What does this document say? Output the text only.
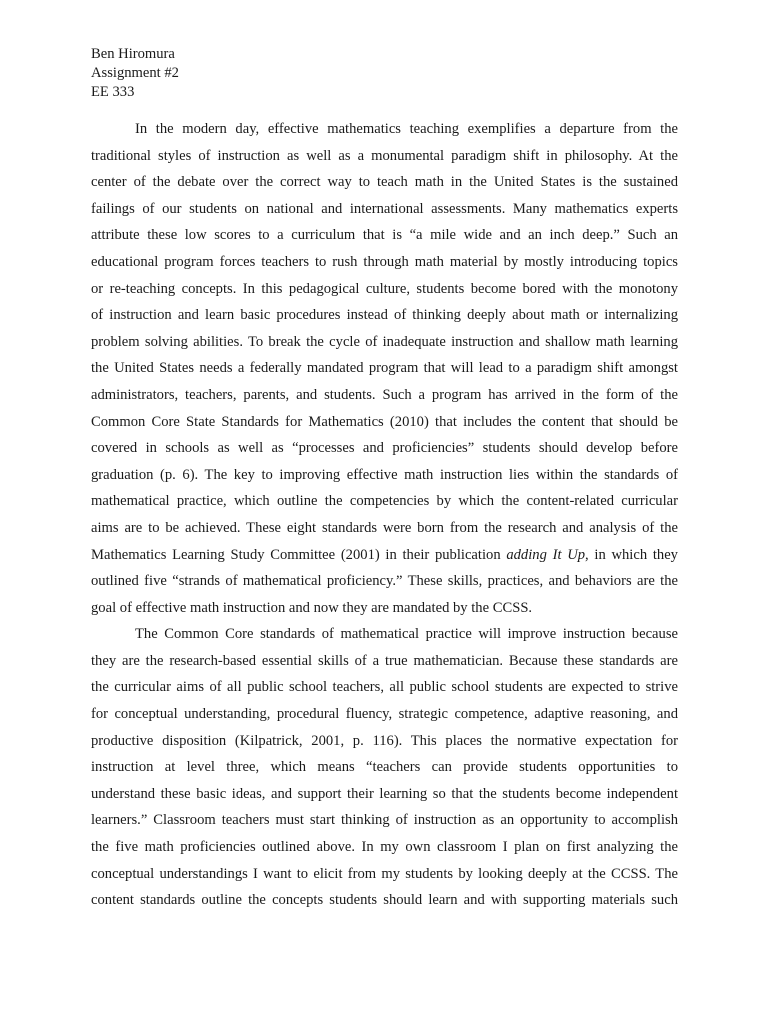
Ben Hiromura
Assignment #2
EE 333
In the modern day, effective mathematics teaching exemplifies a departure from the
traditional styles of instruction as well as a monumental paradigm shift in philosophy. At the
center of the debate over the correct way to teach math in the United States is the sustained
failings of our students on national and international assessments. Many mathematics experts
attribute these low scores to a curriculum that is “a mile wide and an inch deep.” Such an
educational program forces teachers to rush through math material by mostly introducing topics
or re-teaching concepts. In this pedagogical culture, students become bored with the monotony
of instruction and learn basic procedures instead of thinking deeply about math or internalizing
problem solving abilities. To break the cycle of inadequate instruction and shallow math learning
the United States needs a federally mandated program that will lead to a paradigm shift amongst
administrators, teachers, parents, and students. Such a program has arrived in the form of the
Common Core State Standards for Mathematics (2010) that includes the content that should be
covered in schools as well as “processes and proficiencies” students should develop before
graduation (p. 6). The key to improving effective math instruction lies within the standards of
mathematical practice, which outline the competencies by which the content-related curricular
aims are to be achieved. These eight standards were born from the research and analysis of the
Mathematics Learning Study Committee (2001) in their publication adding It Up, in which they
outlined five “strands of mathematical proficiency.” These skills, practices, and behaviors are the
goal of effective math instruction and now they are mandated by the CCSS.
The Common Core standards of mathematical practice will improve instruction because
they are the research-based essential skills of a true mathematician. Because these standards are
the curricular aims of all public school teachers, all public school students are expected to strive
for conceptual understanding, procedural fluency, strategic competence, adaptive reasoning, and
productive disposition (Kilpatrick, 2001, p. 116). This places the normative expectation for
instruction at level three, which means “teachers can provide students opportunities to
understand these basic ideas, and support their learning so that the students become independent
learners.” Classroom teachers must start thinking of instruction as an opportunity to accomplish
the five math proficiencies outlined above. In my own classroom I plan on first analyzing the
conceptual understandings I want to elicit from my students by looking deeply at the CCSS. The
content standards outline the concepts students should learn and with supporting materials such
